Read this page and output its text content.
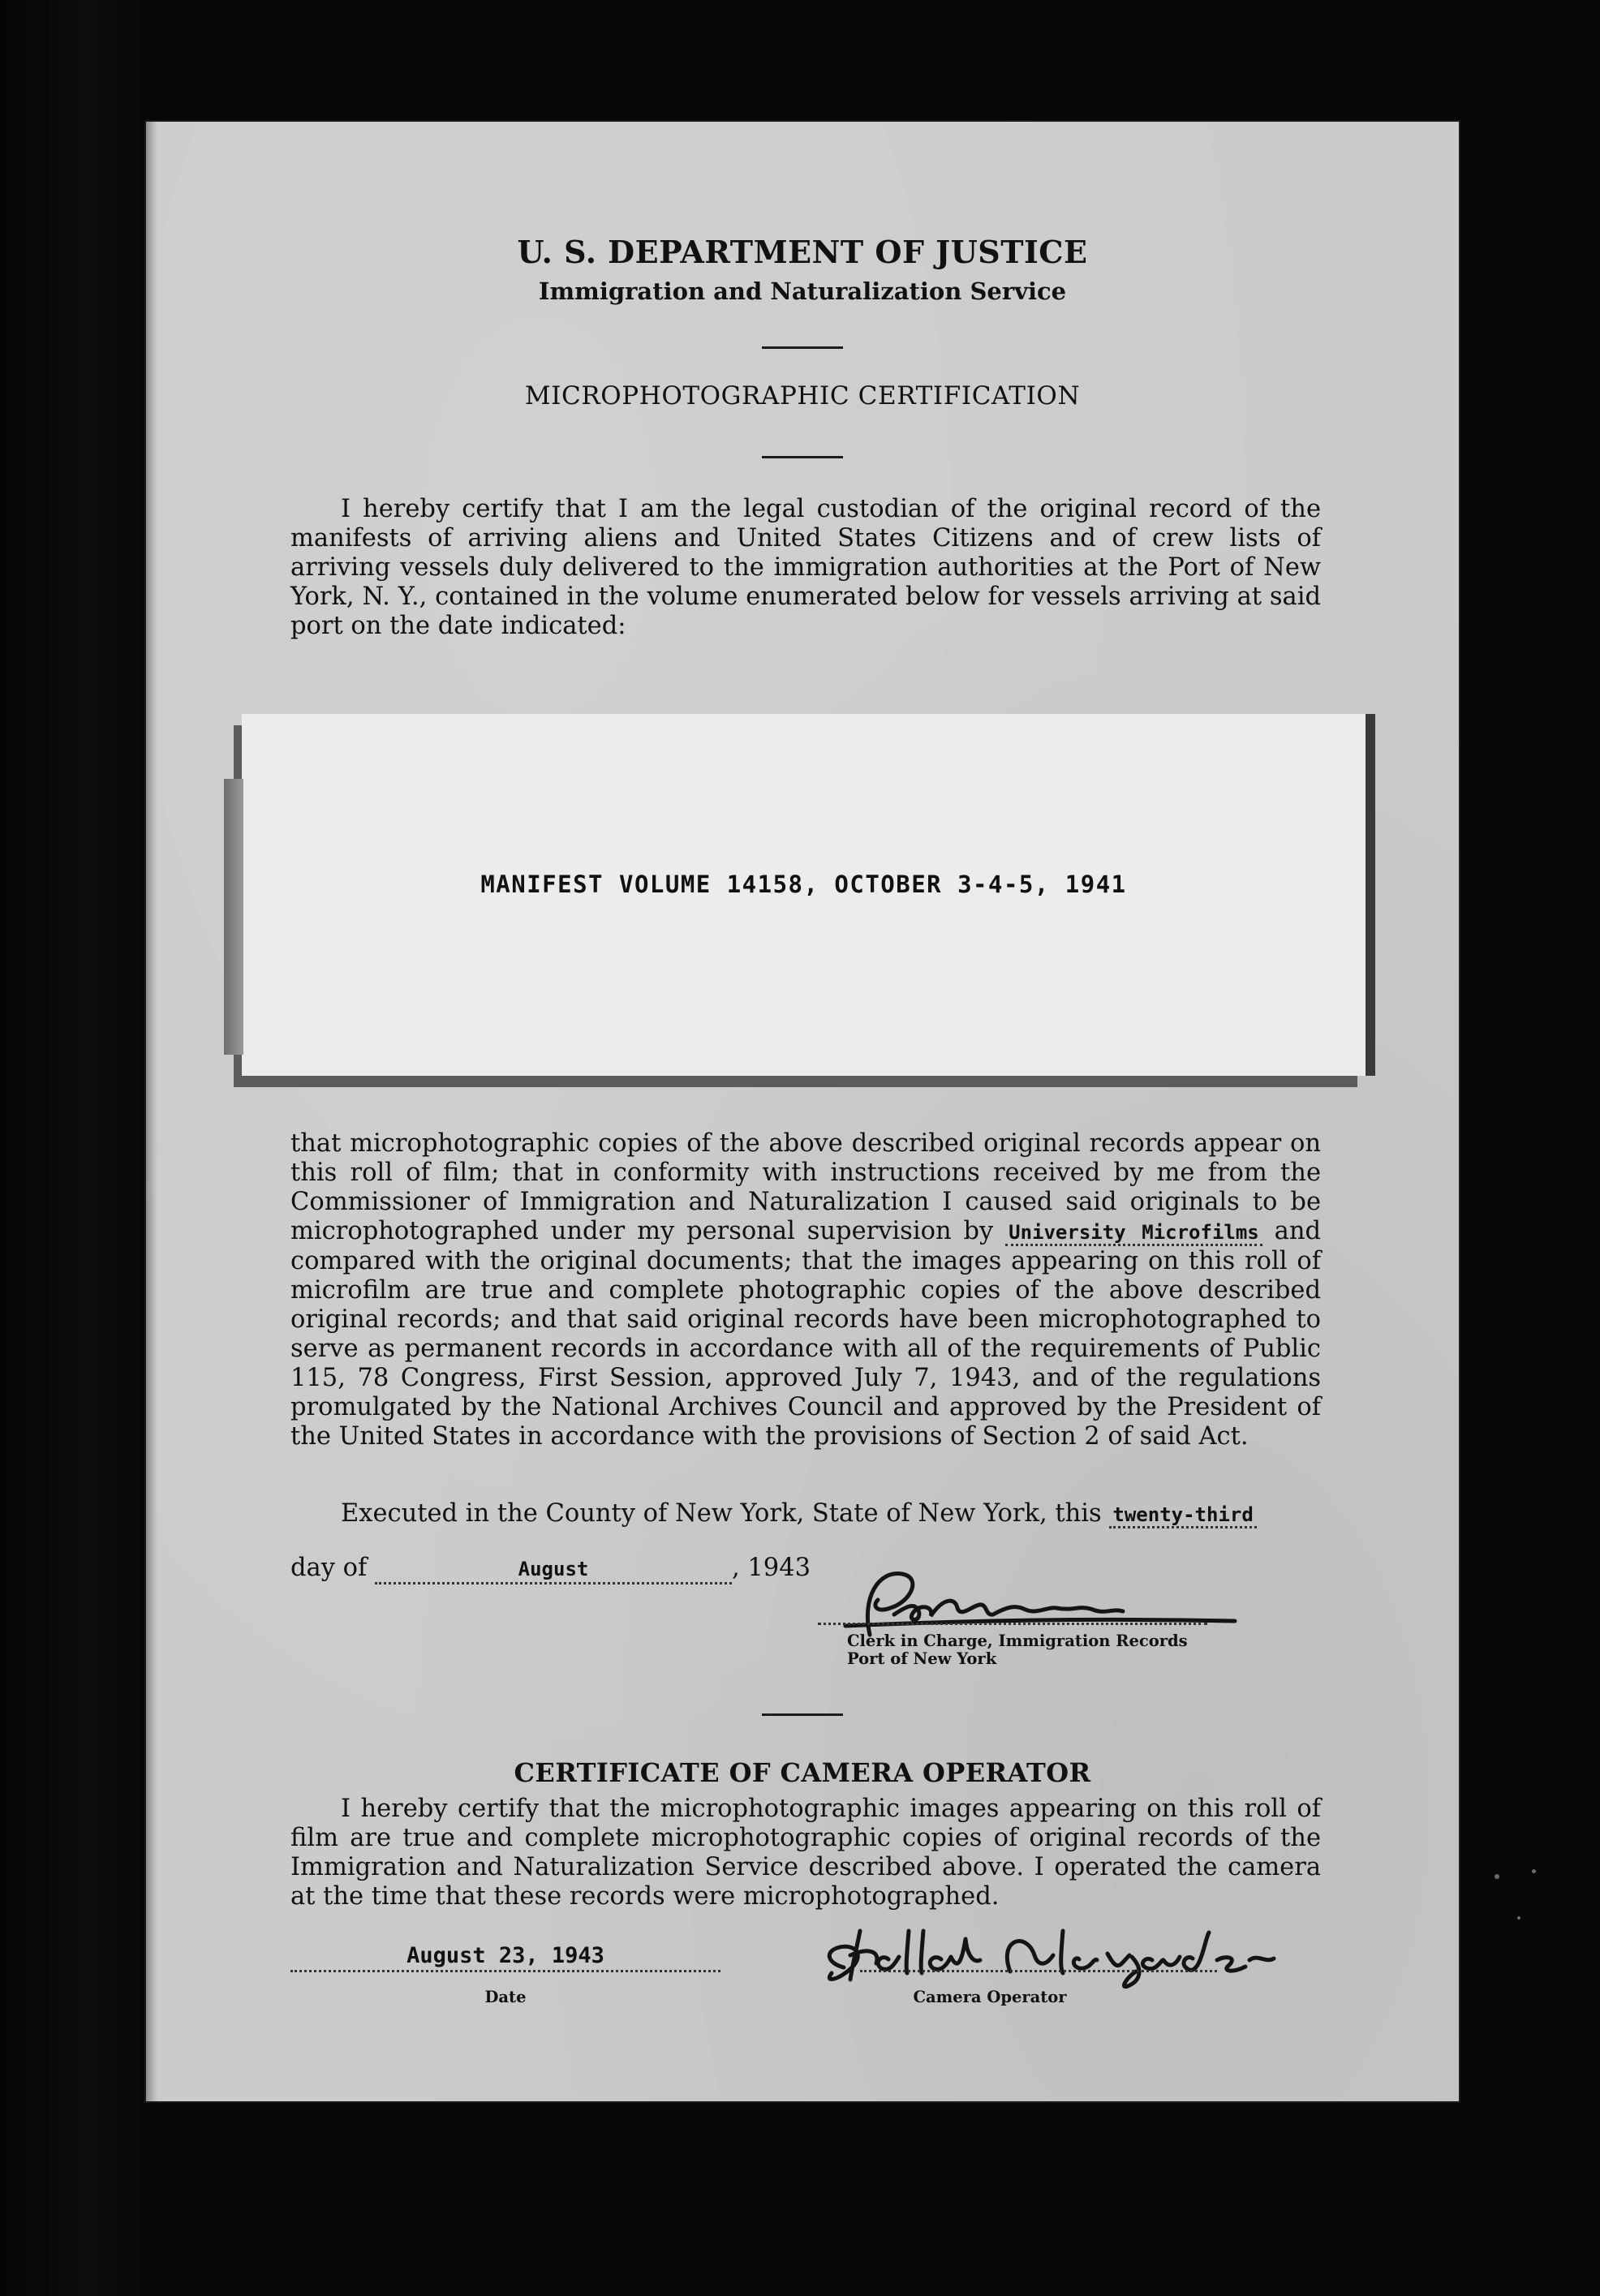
U. S. DEPARTMENT OF JUSTICE

Immigration and Naturalization Service

MICROPHOTOGRAPHIC CERTIFICATION

I hereby certify that I am the legal custodian of the original record of the manifests of arriving aliens and United States Citizens and of crew lists of arriving vessels duly delivered to the immigration authorities at the Port of New York, N. Y., contained in the volume enumerated below for vessels arriving at said port on the date indicated:

MANIFEST VOLUME 14158, OCTOBER 3-4-5, 1941

that microphotographic copies of the above described original records appear on this roll of film; that in conformity with instructions received by me from the Commissioner of Immigration and Naturalization I caused said originals to be microphotographed under my personal supervision by University Microfilms and compared with the original documents; that the images appearing on this roll of microfilm are true and complete photographic copies of the above described original records; and that said original records have been microphotographed to serve as permanent records in accordance with all of the requirements of Public 115, 78 Congress, First Session, approved July 7, 1943, and of the regulations promulgated by the National Archives Council and approved by the President of the United States in accordance with the provisions of Section 2 of said Act.

Executed in the County of New York, State of New York, this twenty-third

day of	August	, 1943
Clerk in Charge, Immigration Records
Port of New York
CERTIFICATE OF CAMERA OPERATOR

I hereby certify that the microphotographic images appearing on this roll of film are true and complete microphotographic copies of original records of the Immigration and Naturalization Service described above. I operated the camera at the time that these records were microphotographed.

August 23, 1943
Date	Camera Operator
